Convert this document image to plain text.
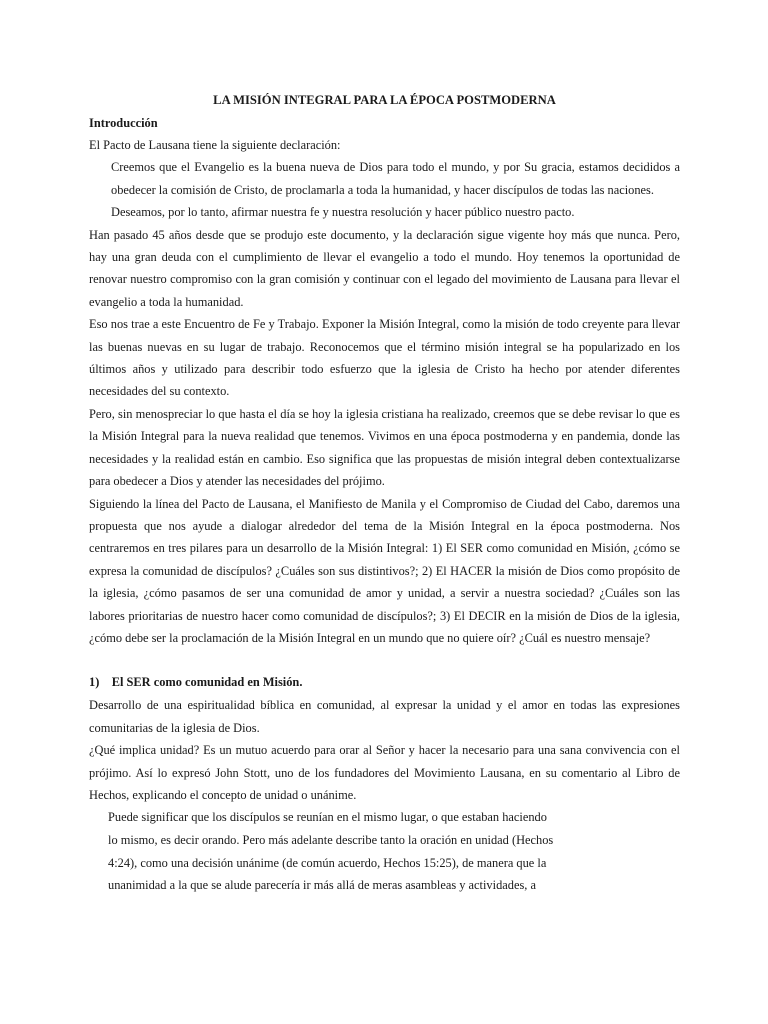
LA MISIÓN INTEGRAL PARA LA ÉPOCA POSTMODERNA
Introducción

El Pacto de Lausana tiene la siguiente declaración:

Creemos que el Evangelio es la buena nueva de Dios para todo el mundo, y por Su gracia, estamos decididos a obedecer la comisión de Cristo, de proclamarla a toda la humanidad, y hacer discípulos de todas las naciones.

Deseamos, por lo tanto, afirmar nuestra fe y nuestra resolución y hacer público nuestro pacto.

Han pasado 45 años desde que se produjo este documento, y la declaración sigue vigente hoy más que nunca. Pero, hay una gran deuda con el cumplimiento de llevar el evangelio a todo el mundo. Hoy tenemos la oportunidad de renovar nuestro compromiso con la gran comisión y continuar con el legado del movimiento de Lausana para llevar el evangelio a toda la humanidad.

Eso nos trae a este Encuentro de Fe y Trabajo. Exponer la Misión Integral, como la misión de todo creyente para llevar las buenas nuevas en su lugar de trabajo. Reconocemos que el término misión integral se ha popularizado en los últimos años y utilizado para describir todo esfuerzo que la iglesia de Cristo ha hecho por atender diferentes necesidades del su contexto.

Pero, sin menospreciar lo que hasta el día se hoy la iglesia cristiana ha realizado, creemos que se debe revisar lo que es la Misión Integral para la nueva realidad que tenemos. Vivimos en una época postmoderna y en pandemia, donde las necesidades y la realidad están en cambio. Eso significa que las propuestas de misión integral deben contextualizarse para obedecer a Dios y atender las necesidades del prójimo.

Siguiendo la línea del Pacto de Lausana, el Manifiesto de Manila y el Compromiso de Ciudad del Cabo, daremos una propuesta que nos ayude a dialogar alrededor del tema de la Misión Integral en la época postmoderna. Nos centraremos en tres pilares para un desarrollo de la Misión Integral: 1) El SER como comunidad en Misión, ¿cómo se expresa la comunidad de discípulos? ¿Cuáles son sus distintivos?; 2) El HACER la misión de Dios como propósito de la iglesia, ¿cómo pasamos de ser una comunidad de amor y unidad, a servir a nuestra sociedad? ¿Cuáles son las labores prioritarias de nuestro hacer como comunidad de discípulos?; 3) El DECIR en la misión de Dios de la iglesia, ¿cómo debe ser la proclamación de la Misión Integral en un mundo que no quiere oír? ¿Cuál es nuestro mensaje?

1) El SER como comunidad en Misión.

Desarrollo de una espiritualidad bíblica en comunidad, al expresar la unidad y el amor en todas las expresiones comunitarias de la iglesia de Dios.

¿Qué implica unidad? Es un mutuo acuerdo para orar al Señor y hacer la necesario para una sana convivencia con el prójimo. Así lo expresó John Stott, uno de los fundadores del Movimiento Lausana, en su comentario al Libro de Hechos, explicando el concepto de unidad o unánime.

Puede significar que los discípulos se reunían en el mismo lugar, o que estaban haciendo lo mismo, es decir orando. Pero más adelante describe tanto la oración en unidad (Hechos 4:24), como una decisión unánime (de común acuerdo, Hechos 15:25), de manera que la unanimidad a la que se alude parecería ir más allá de meras asambleas y actividades, a
